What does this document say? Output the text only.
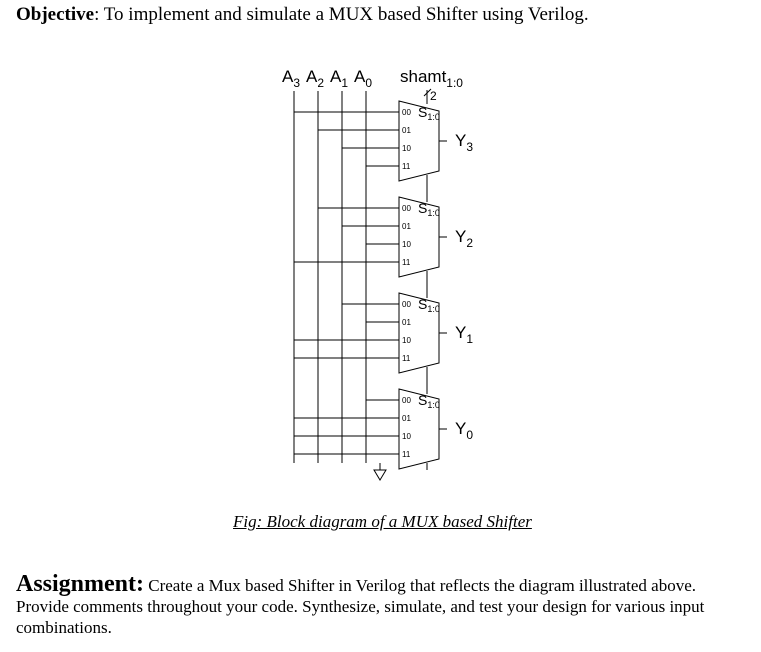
Objective: To implement and simulate a MUX based Shifter using Verilog.
$S_{1:0}$
00
01
10
11
$Y_3$
$S_{1:0}$
00
01
10
11
$Y_2$
$S_{1:0}$
00
01
10
11
$Y_1$
$S_{1:0}$
00
01
10
11
$Y_0$
$A_3$ $A_2$ $A_1$ $A_0$ shamt$_{1:0}$
2
Fig: Block diagram of a MUX based Shifter
Assignment: Create a Mux based Shifter in Verilog that reflects the diagram illustrated above. Provide comments throughout your code. Synthesize, simulate, and test your design for various input combinations.
